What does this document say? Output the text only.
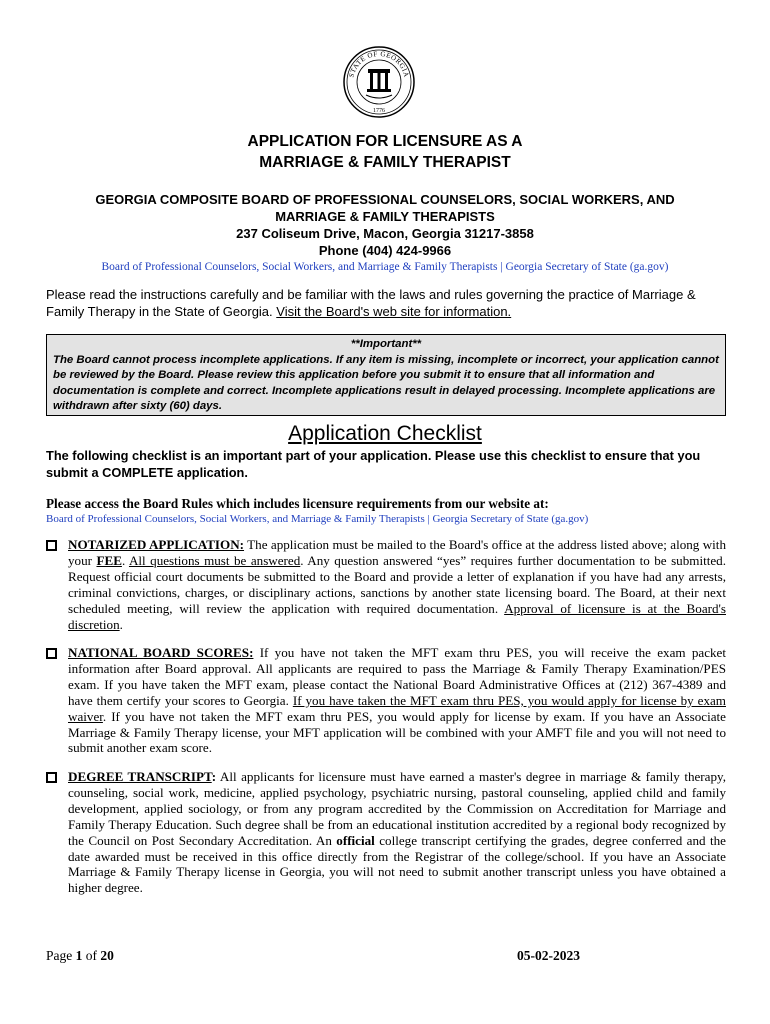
STATE OF GEORGIA
1776
APPLICATION FOR LICENSURE AS A
MARRIAGE & FAMILY THERAPIST
GEORGIA COMPOSITE BOARD OF PROFESSIONAL COUNSELORS, SOCIAL WORKERS, AND
MARRIAGE & FAMILY THERAPISTS
237 Coliseum Drive, Macon, Georgia 31217-3858
Phone (404) 424-9966
Board of Professional Counselors, Social Workers, and Marriage & Family Therapists | Georgia Secretary of State (ga.gov)
Please read the instructions carefully and be familiar with the laws and rules governing the practice of Marriage & Family Therapy in the State of Georgia. Visit the Board's web site for information.
**Important**
The Board cannot process incomplete applications. If any item is missing, incomplete or incorrect, your application cannot be reviewed by the Board. Please review this application before you submit it to ensure that all information and documentation is complete and correct. Incomplete applications result in delayed processing. Incomplete applications are withdrawn after sixty (60) days.
Application Checklist
The following checklist is an important part of your application. Please use this checklist to ensure that you submit a COMPLETE application.
Please access the Board Rules which includes licensure requirements from our website at:
Board of Professional Counselors, Social Workers, and Marriage & Family Therapists | Georgia Secretary of State (ga.gov)
NOTARIZED APPLICATION: The application must be mailed to the Board's office at the address listed above; along with your FEE. All questions must be answered. Any question answered “yes” requires further documentation to be submitted. Request official court documents be submitted to the Board and provide a letter of explanation if you have had any arrests, criminal convictions, charges, or disciplinary actions, sanctions by another state licensing board. The Board, at their next scheduled meeting, will review the application with required documentation. Approval of licensure is at the Board's discretion.
NATIONAL BOARD SCORES: If you have not taken the MFT exam thru PES, you will receive the exam packet information after Board approval. All applicants are required to pass the Marriage & Family Therapy Examination/PES exam. If you have taken the MFT exam, please contact the National Board Administrative Offices at (212) 367-4389 and have them certify your scores to Georgia. If you have taken the MFT exam thru PES, you would apply for license by exam waiver. If you have not taken the MFT exam thru PES, you would apply for license by exam. If you have an Associate Marriage & Family Therapy license, your MFT application will be combined with your AMFT file and you will not need to submit another exam score.
DEGREE TRANSCRIPT: All applicants for licensure must have earned a master's degree in marriage & family therapy, counseling, social work, medicine, applied psychology, psychiatric nursing, pastoral counseling, applied child and family development, applied sociology, or from any program accredited by the Commission on Accreditation for Marriage and Family Therapy Education. Such degree shall be from an educational institution accredited by a regional body recognized by the Council on Post Secondary Accreditation. An official college transcript certifying the grades, degree conferred and the date awarded must be received in this office directly from the Registrar of the college/school. If you have an Associate Marriage & Family Therapy license in Georgia, you will not need to submit another transcript unless you have obtained a higher degree.
Page 1 of 20	05-02-2023
